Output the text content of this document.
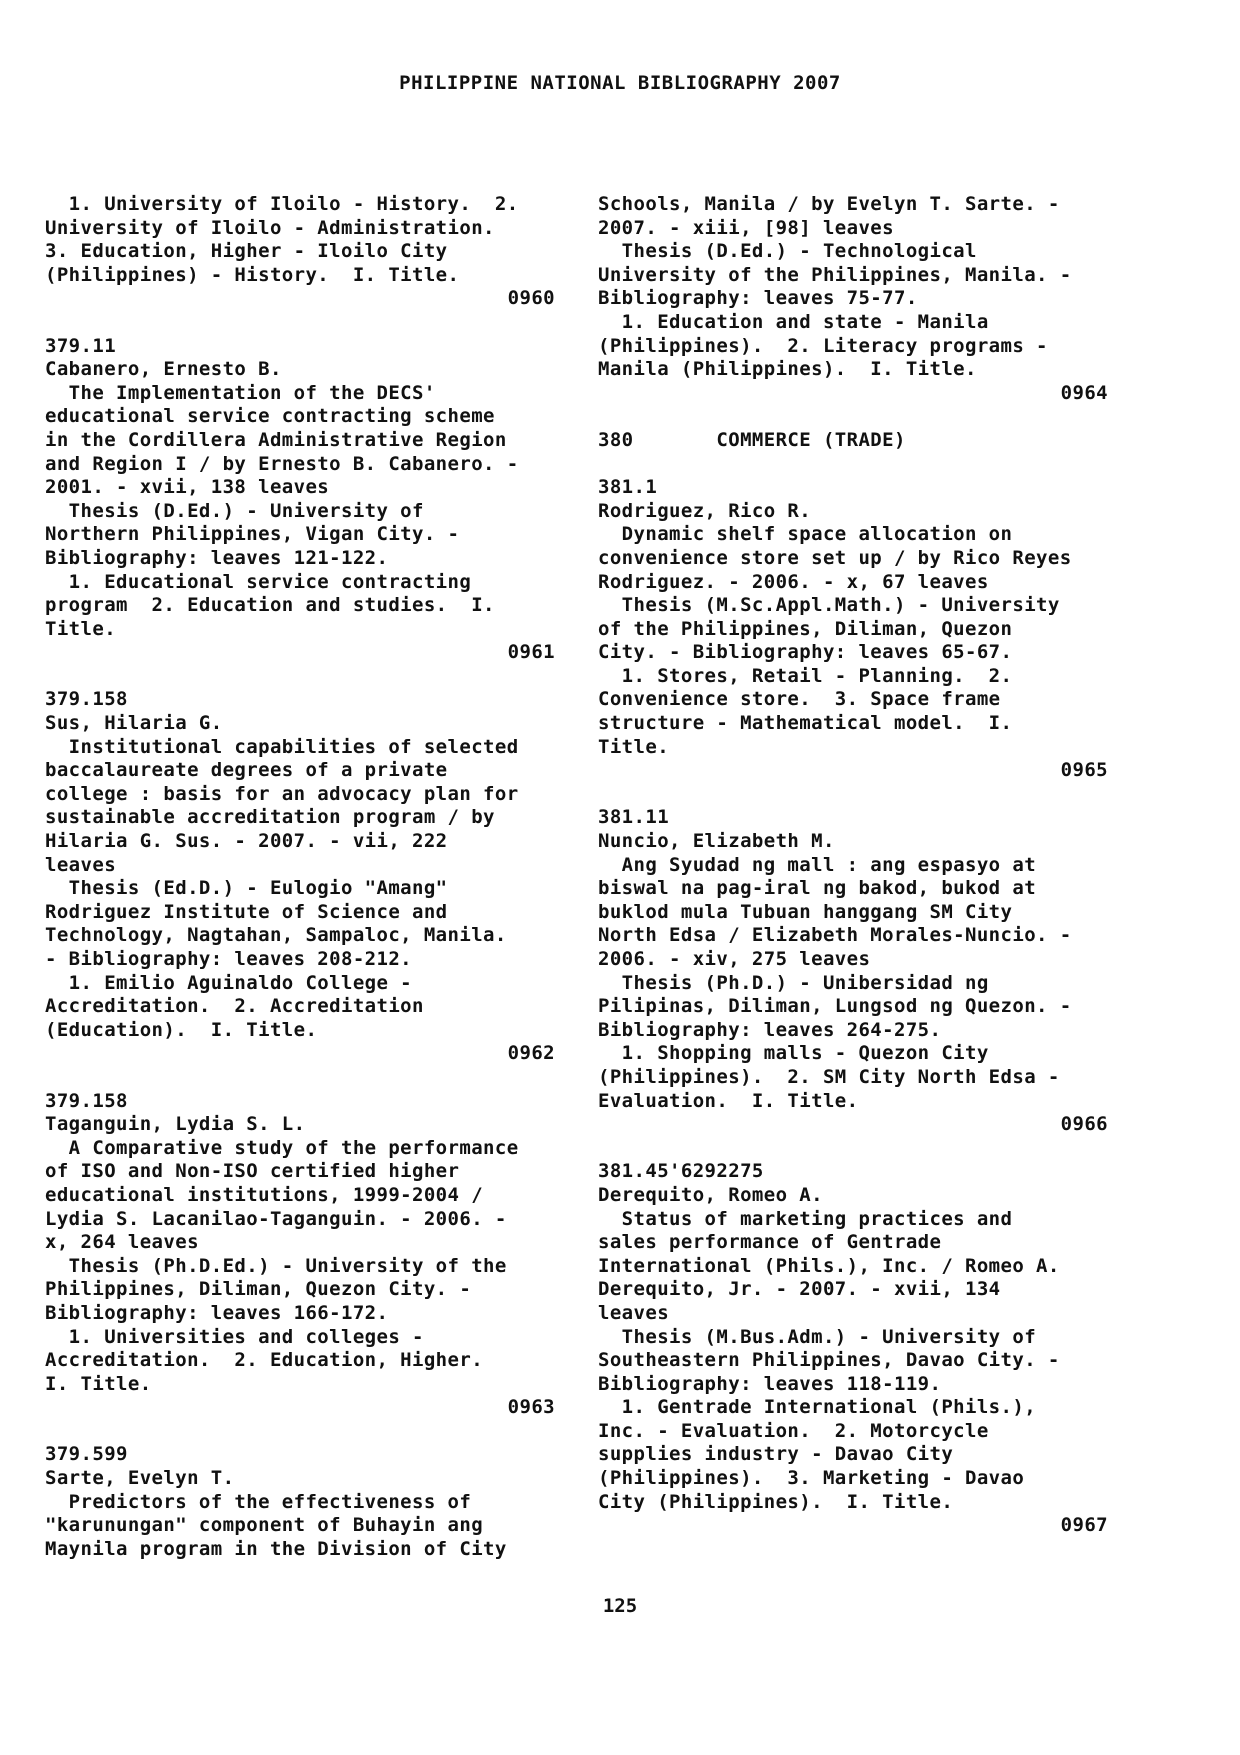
PHILIPPINE NATIONAL BIBLIOGRAPHY 2007
1. University of Iloilo - History.  2.
University of Iloilo - Administration.
3. Education, Higher - Iloilo City
(Philippines) - History.  I. Title.
0960
379.11
Cabanero, Ernesto B.
The Implementation of the DECS'
educational service contracting scheme
in the Cordillera Administrative Region
and Region I / by Ernesto B. Cabanero. -
2001. - xvii, 138 leaves
Thesis (D.Ed.) - University of
Northern Philippines, Vigan City. -
Bibliography: leaves 121-122.
1. Educational service contracting
program  2. Education and studies.  I.
Title.
0961
379.158
Sus, Hilaria G.
Institutional capabilities of selected
baccalaureate degrees of a private
college : basis for an advocacy plan for
sustainable accreditation program / by
Hilaria G. Sus. - 2007. - vii, 222
leaves
Thesis (Ed.D.) - Eulogio "Amang"
Rodriguez Institute of Science and
Technology, Nagtahan, Sampaloc, Manila.
- Bibliography: leaves 208-212.
1. Emilio Aguinaldo College -
Accreditation.  2. Accreditation
(Education).  I. Title.
0962
379.158
Taganguin, Lydia S. L.
A Comparative study of the performance
of ISO and Non-ISO certified higher
educational institutions, 1999-2004 /
Lydia S. Lacanilao-Taganguin. - 2006. -
x, 264 leaves
Thesis (Ph.D.Ed.) - University of the
Philippines, Diliman, Quezon City. -
Bibliography: leaves 166-172.
1. Universities and colleges -
Accreditation.  2. Education, Higher.
I. Title.
0963
379.599
Sarte, Evelyn T.
Predictors of the effectiveness of
"karunungan" component of Buhayin ang
Maynila program in the Division of City
Schools, Manila / by Evelyn T. Sarte. -
2007. - xiii, [98] leaves
Thesis (D.Ed.) - Technological
University of the Philippines, Manila. -
Bibliography: leaves 75-77.
1. Education and state - Manila
(Philippines).  2. Literacy programs -
Manila (Philippines).  I. Title.
0964
380       COMMERCE (TRADE)
381.1
Rodriguez, Rico R.
Dynamic shelf space allocation on
convenience store set up / by Rico Reyes
Rodriguez. - 2006. - x, 67 leaves
Thesis (M.Sc.Appl.Math.) - University
of the Philippines, Diliman, Quezon
City. - Bibliography: leaves 65-67.
1. Stores, Retail - Planning.  2.
Convenience store.  3. Space frame
structure - Mathematical model.  I.
Title.
0965
381.11
Nuncio, Elizabeth M.
Ang Syudad ng mall : ang espasyo at
biswal na pag-iral ng bakod, bukod at
buklod mula Tubuan hanggang SM City
North Edsa / Elizabeth Morales-Nuncio. -
2006. - xiv, 275 leaves
Thesis (Ph.D.) - Unibersidad ng
Pilipinas, Diliman, Lungsod ng Quezon. -
Bibliography: leaves 264-275.
1. Shopping malls - Quezon City
(Philippines).  2. SM City North Edsa -
Evaluation.  I. Title.
0966
381.45'6292275
Derequito, Romeo A.
Status of marketing practices and
sales performance of Gentrade
International (Phils.), Inc. / Romeo A.
Derequito, Jr. - 2007. - xvii, 134
leaves
Thesis (M.Bus.Adm.) - University of
Southeastern Philippines, Davao City. -
Bibliography: leaves 118-119.
1. Gentrade International (Phils.),
Inc. - Evaluation.  2. Motorcycle
supplies industry - Davao City
(Philippines).  3. Marketing - Davao
City (Philippines).  I. Title.
0967
125
